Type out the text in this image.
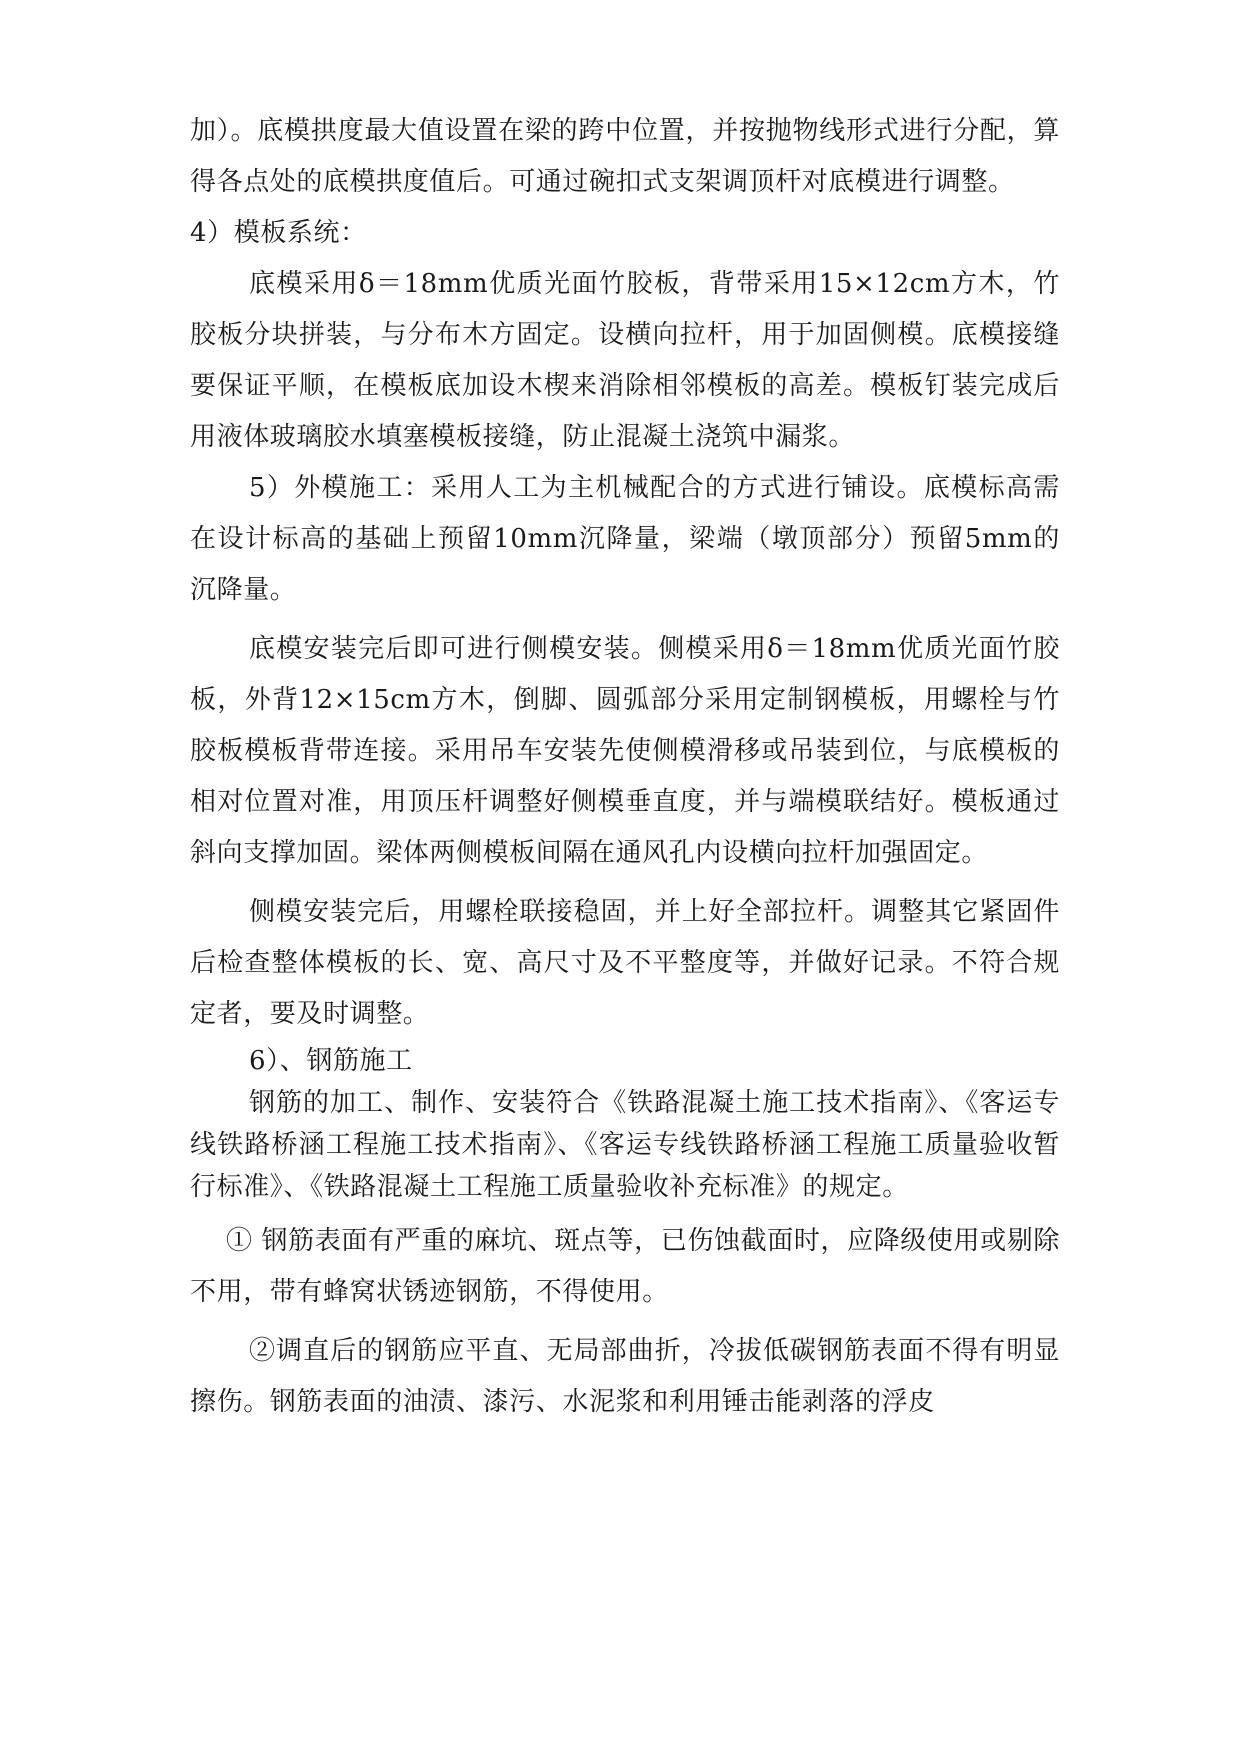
加）。底模拱度最大值设置在梁的跨中位置，并按抛物线形式进行分配，算得各点处的底模拱度值后。可通过碗扣式支架调顶杆对底模进行调整。

4）模板系统：

底模采用δ＝18mm优质光面竹胶板，背带采用15×12cm方木，竹胶板分块拼装，与分布木方固定。设横向拉杆，用于加固侧模。底模接缝要保证平顺，在模板底加设木楔来消除相邻模板的高差。模板钉装完成后用液体玻璃胶水填塞模板接缝，防止混凝土浇筑中漏浆。

5）外模施工：采用人工为主机械配合的方式进行铺设。底模标高需在设计标高的基础上预留10mm沉降量，梁端（墩顶部分）预留5mm的沉降量。

底模安装完后即可进行侧模安装。侧模采用δ＝18mm优质光面竹胶板，外背12×15cm方木，倒脚、圆弧部分采用定制钢模板，用螺栓与竹胶板模板背带连接。采用吊车安装先使侧模滑移或吊装到位，与底模板的相对位置对准，用顶压杆调整好侧模垂直度，并与端模联结好。模板通过斜向支撑加固。梁体两侧模板间隔在通风孔内设横向拉杆加强固定。

侧模安装完后，用螺栓联接稳固，并上好全部拉杆。调整其它紧固件后检查整体模板的长、宽、高尺寸及不平整度等，并做好记录。不符合规定者，要及时调整。

6）、钢筋施工

钢筋的加工、制作、安装符合《铁路混凝土施工技术指南》、《客运专线铁路桥涵工程施工技术指南》、《客运专线铁路桥涵工程施工质量验收暂行标准》、《铁路混凝土工程施工质量验收补充标准》的规定。

① 钢筋表面有严重的麻坑、斑点等，已伤蚀截面时，应降级使用或剔除不用，带有蜂窝状锈迹钢筋，不得使用。

②调直后的钢筋应平直、无局部曲折，冷拔低碳钢筋表面不得有明显擦伤。钢筋表面的油渍、漆污、水泥浆和利用锤击能剥落的浮皮
